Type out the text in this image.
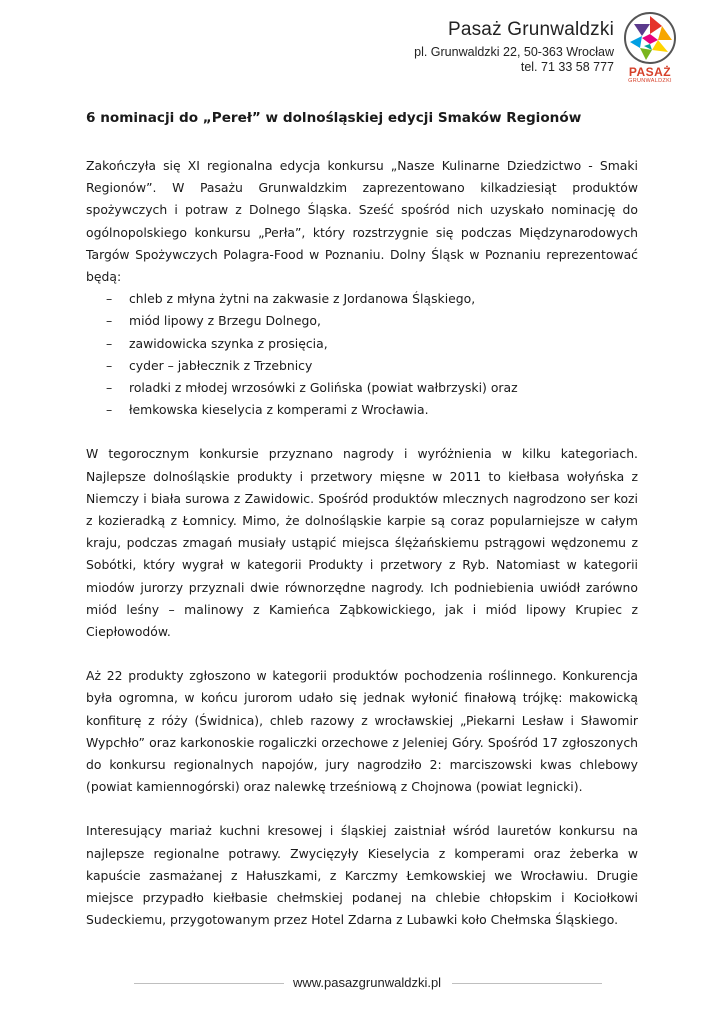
Pasaż Grunwaldzki
pl. Grunwaldzki 22, 50-363 Wrocław
tel. 71 33 58 777	PASAŻ
GRUNWALDZKI
6 nominacji do „Pereł” w dolnośląskiej edycji Smaków Regionów

Zakończyła się XI regionalna edycja konkursu „Nasze Kulinarne Dziedzictwo - Smaki Regionów”. W Pasażu Grunwaldzkim zaprezentowano kilkadziesiąt produktów spożywczych i potraw z Dolnego Śląska. Sześć spośród nich uzyskało nominację do ogólnopolskiego konkursu „Perła”, który rozstrzygnie się podczas Międzynarodowych Targów Spożywczych Polagra-Food w Poznaniu. Dolny Śląsk w Poznaniu reprezentować będą:

– chleb z młyna żytni na zakwasie z Jordanowa Śląskiego,
– miód lipowy z Brzegu Dolnego,
– zawidowicka szynka z prosięcia,
– cyder – jabłecznik z Trzebnicy
– roladki z młodej wrzosówki z Golińska (powiat wałbrzyski) oraz
– łemkowska kieselycia z komperami z Wrocławia.

W tegorocznym konkursie przyznano nagrody i wyróżnienia w kilku kategoriach. Najlepsze dolnośląskie produkty i przetwory mięsne w 2011 to kiełbasa wołyńska z Niemczy i biała surowa z Zawidowic. Spośród produktów mlecznych nagrodzono ser kozi z kozieradką z Łomnicy. Mimo, że dolnośląskie karpie są coraz popularniejsze w całym kraju, podczas zmagań musiały ustąpić miejsca ślężańskiemu pstrągowi wędzonemu z Sobótki, który wygrał w kategorii Produkty i przetwory z Ryb. Natomiast w kategorii miodów jurorzy przyznali dwie równorzędne nagrody. Ich podniebienia uwiódł zarówno miód leśny – malinowy z Kamieńca Ząbkowickiego, jak i miód lipowy Krupiec z Ciepłowodów.

Aż 22 produkty zgłoszono w kategorii produktów pochodzenia roślinnego. Konkurencja była ogromna, w końcu jurorom udało się jednak wyłonić finałową trójkę: makowicką konfiturę z róży (Świdnica), chleb razowy z wrocławskiej „Piekarni Lesław i Sławomir Wypchło” oraz karkonoskie rogaliczki orzechowe z Jeleniej Góry. Spośród 17 zgłoszonych do konkursu regionalnych napojów, jury nagrodziło 2: marciszowski kwas chlebowy (powiat kamiennogórski) oraz nalewkę trześniową z Chojnowa (powiat legnicki).

Interesujący mariaż kuchni kresowej i śląskiej zaistniał wśród lauretów konkursu na najlepsze regionalne potrawy. Zwycięzyły Kieselycia z komperami oraz żeberka w kapuście zasmażanej z Hałuszkami, z Karczmy Łemkowskiej we Wrocławiu. Drugie miejsce przypadło kiełbasie chełmskiej podanej na chlebie chłopskim i Kociołkowi Sudeckiemu, przygotowanym przez Hotel Zdarna z Lubawki koło Chełmska Śląskiego.

www.pasazgrunwaldzki.pl
